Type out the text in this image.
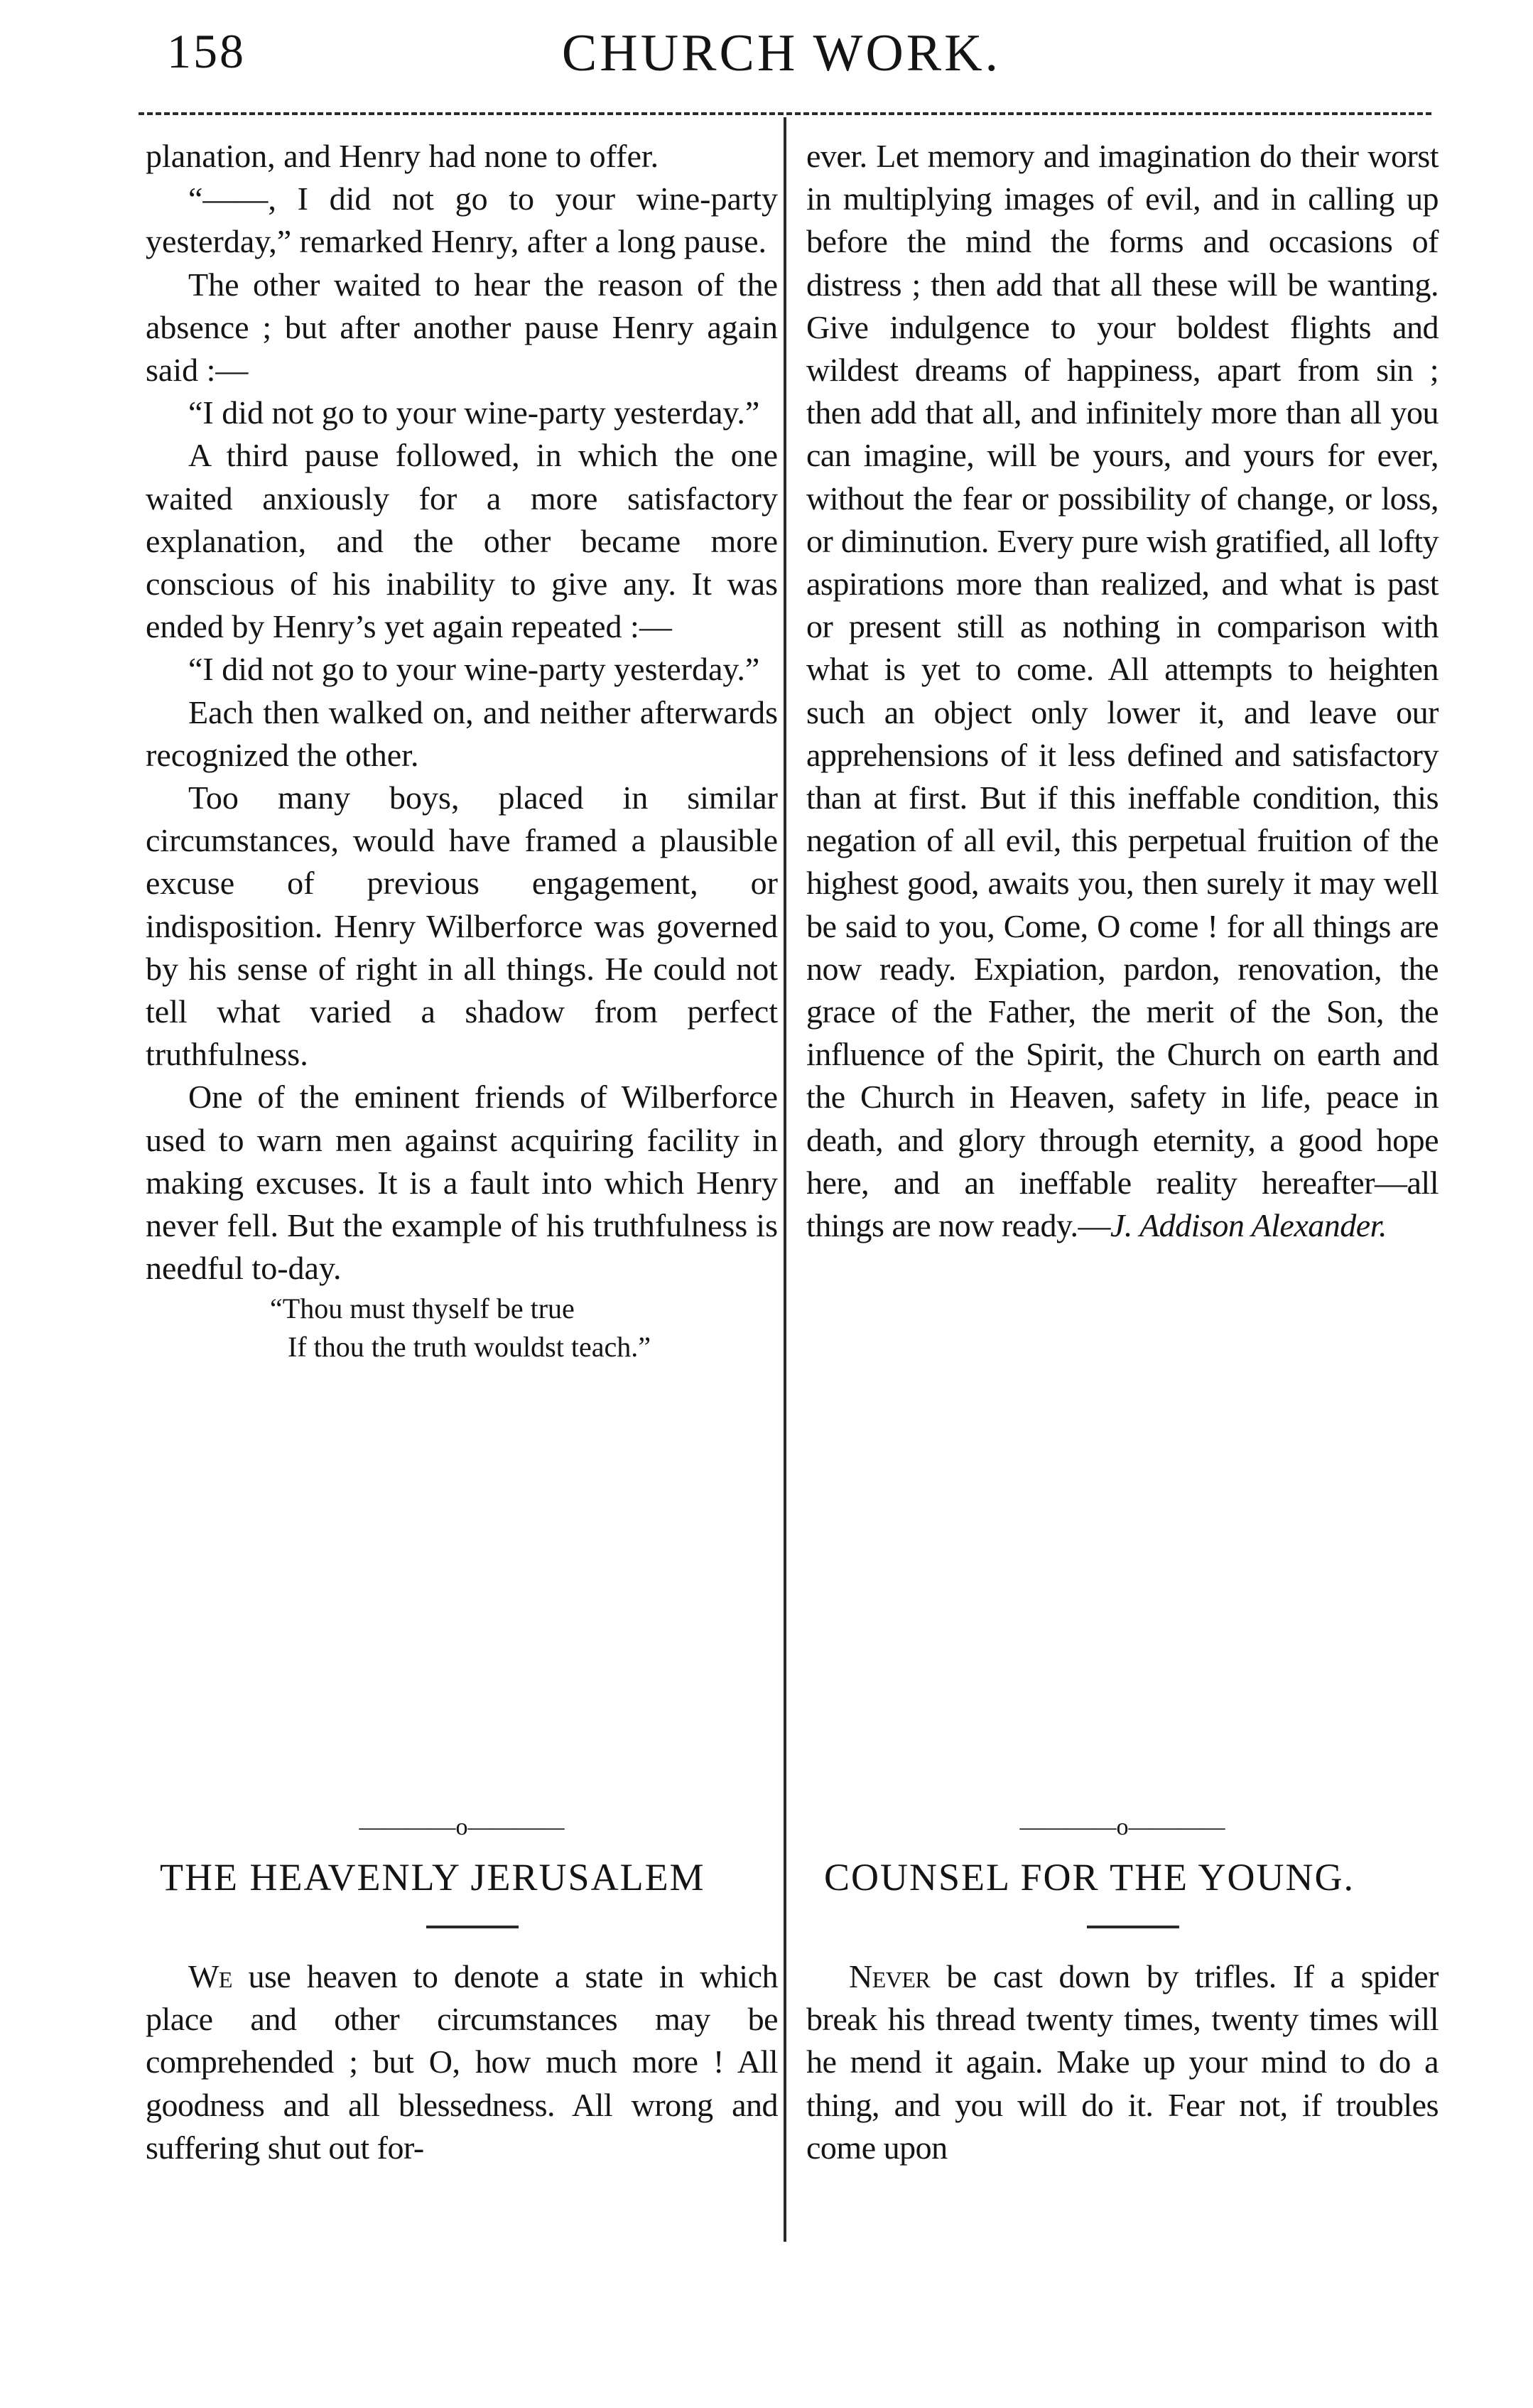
158	CHURCH WORK.

planation, and Henry had none to offer.

“——, I did not go to your wine-party yesterday,” remarked Henry, after a long pause.

The other waited to hear the reason of the absence ; but after another pause Henry again said :—

“I did not go to your wine-party yesterday.”

A third pause followed, in which the one waited anxiously for a more satisfactory explanation, and the other became more conscious of his inability to give any. It was ended by Henry’s yet again repeated :—

“I did not go to your wine-party yesterday.”

Each then walked on, and neither afterwards recognized the other.

Too many boys, placed in similar circumstances, would have framed a plausible excuse of previous engagement, or indisposition. Henry Wilberforce was governed by his sense of right in all things. He could not tell what varied a shadow from perfect truthfulness.

One of the eminent friends of Wilberforce used to warn men against acquiring facility in making excuses. It is a fault into which Henry never fell. But the example of his truthfulness is needful to-day.

“Thou must thyself be true
If thou the truth wouldst teach.”
————o————
THE HEAVENLY JERUSALEM

We use heaven to denote a state in which place and other circumstances may be comprehended ; but O, how much more ! All goodness and all blessedness. All wrong and suffering shut out for-

ever. Let memory and imagination do their worst in multiplying images of evil, and in calling up before the mind the forms and occasions of distress ; then add that all these will be wanting. Give indulgence to your boldest flights and wildest dreams of happiness, apart from sin ; then add that all, and infinitely more than all you can imagine, will be yours, and yours for ever, without the fear or possibility of change, or loss, or diminution. Every pure wish gratified, all lofty aspirations more than realized, and what is past or present still as nothing in comparison with what is yet to come. All attempts to heighten such an object only lower it, and leave our apprehensions of it less defined and satisfactory than at first. But if this ineffable condition, this negation of all evil, this perpetual fruition of the highest good, awaits you, then surely it may well be said to you, Come, O come ! for all things are now ready. Expiation, pardon, renovation, the grace of the Father, the merit of the Son, the influence of the Spirit, the Church on earth and the Church in Heaven, safety in life, peace in death, and glory through eternity, a good hope here, and an ineffable reality hereafter—all things are now ready.—J. Addison Alexander.

————o————
COUNSEL FOR THE YOUNG.

Never be cast down by trifles. If a spider break his thread twenty times, twenty times will he mend it again. Make up your mind to do a thing, and you will do it. Fear not, if troubles come upon
